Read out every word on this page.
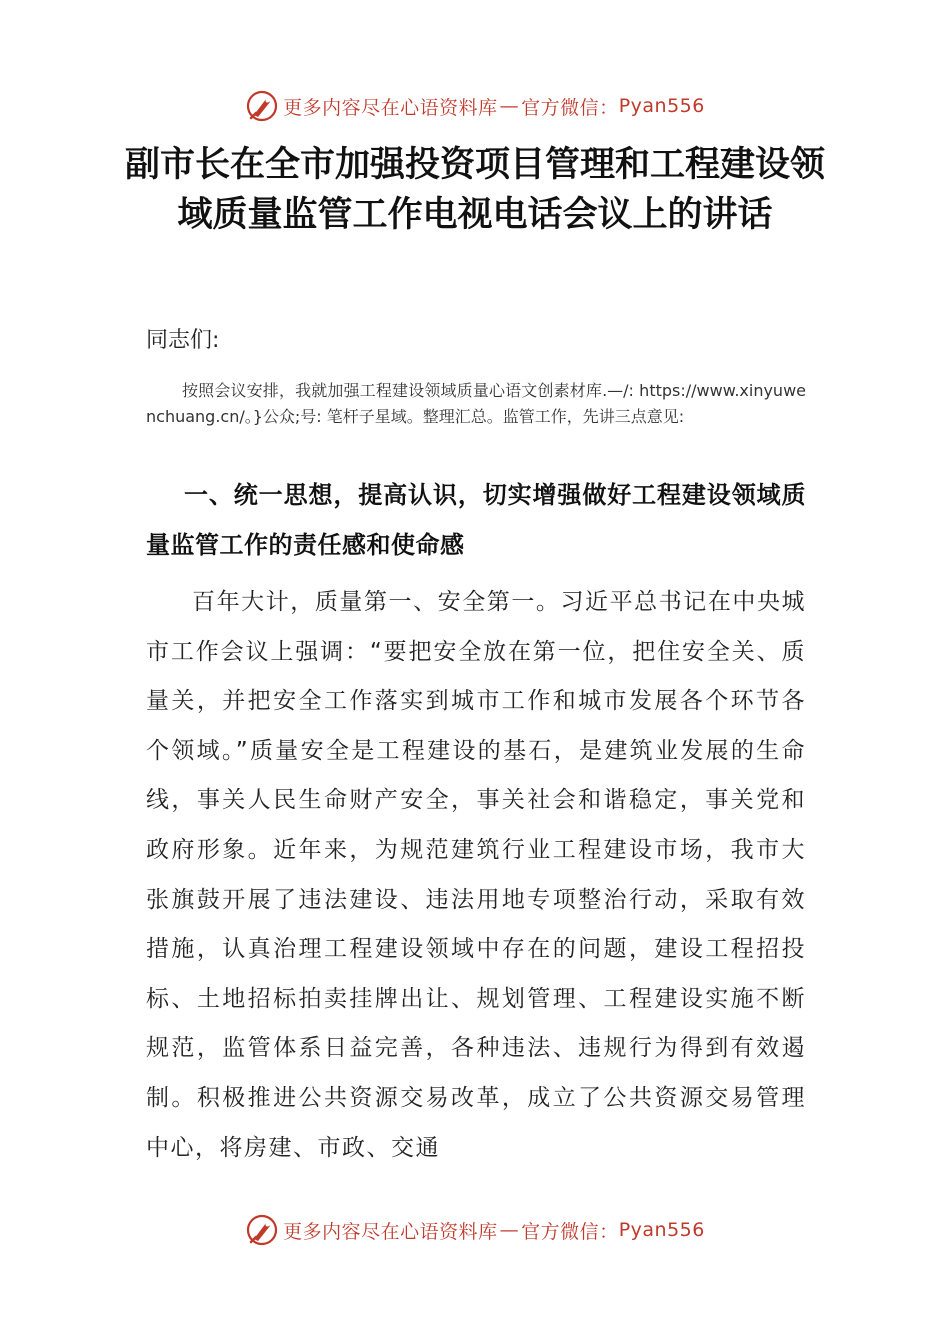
更多内容尽在心语资料库 — 官方微信： Pyan556
副市长在全市加强投资项目管理和工程建设领域质量监管工作电视电话会议上的讲话
同志们:
按照会议安排，我就加强工程建设领域质量心语文创素材库.—/: https://www.xinyuwenchuang.cn/。}公众;号: 笔杆子星域。整理汇总。监管工作，先讲三点意见:
一、统一思想，提高认识，切实增强做好工程建设领域质量监管工作的责任感和使命感
百年大计，质量第一、安全第一。习近平总书记在中央城市工作会议上强调：“要把安全放在第一位，把住安全关、质量关，并把安全工作落实到城市工作和城市发展各个环节各个领域。”质量安全是工程建设的基石，是建筑业发展的生命线，事关人民生命财产安全，事关社会和谐稳定，事关党和政府形象。近年来，为规范建筑行业工程建设市场，我市大张旗鼓开展了违法建设、违法用地专项整治行动，采取有效措施，认真治理工程建设领域中存在的问题，建设工程招投标、土地招标拍卖挂牌出让、规划管理、工程建设实施不断规范，监管体系日益完善，各种违法、违规行为得到有效遏制。积极推进公共资源交易改革，成立了公共资源交易管理中心，将房建、市政、交通
更多内容尽在心语资料库 — 官方微信： Pyan556
